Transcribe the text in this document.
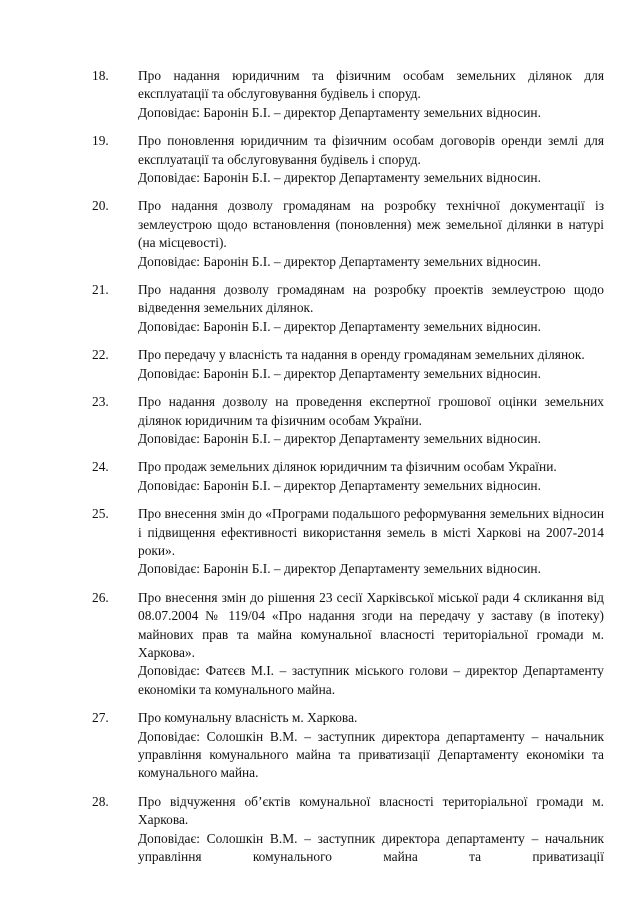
18.	Про надання юридичним та фізичним особам земельних ділянок для експлуатації та обслуговування будівель і споруд.
Доповідає: Баронін Б.І. – директор Департаменту земельних відносин.
19.	Про поновлення юридичним та фізичним особам договорів оренди землі для експлуатації та обслуговування будівель і споруд.
Доповідає: Баронін Б.І. – директор Департаменту земельних відносин.
20.	Про надання дозволу громадянам на розробку технічної документації із землеустрою щодо встановлення (поновлення) меж земельної ділянки в натурі (на місцевості).
Доповідає: Баронін Б.І. – директор Департаменту земельних відносин.
21.	Про надання дозволу громадянам на розробку проектів землеустрою щодо відведення земельних ділянок.
Доповідає: Баронін Б.І. – директор Департаменту земельних відносин.
22.	Про передачу у власність та надання в оренду громадянам земельних ділянок.
Доповідає: Баронін Б.І. – директор Департаменту земельних відносин.
23.	Про надання дозволу на проведення експертної грошової оцінки земельних ділянок юридичним та фізичним особам України.
Доповідає: Баронін Б.І. – директор Департаменту земельних відносин.
24.	Про продаж земельних ділянок юридичним та фізичним особам України.
Доповідає: Баронін Б.І. – директор Департаменту земельних відносин.
25.	Про внесення змін до «Програми подальшого реформування земельних відносин і підвищення ефективності використання земель в місті Харкові на 2007-2014 роки».
Доповідає: Баронін Б.І. – директор Департаменту земельних відносин.
26.	Про внесення змін до рішення 23 сесії Харківської міської ради 4 скликання від 08.07.2004 № 119/04 «Про надання згоди на передачу у заставу (в іпотеку) майнових прав та майна комунальної власності територіальної громади м. Харкова».
Доповідає: Фатєєв М.І. – заступник міського голови – директор Департаменту економіки та комунального майна.
27.	Про комунальну власність м. Харкова.
Доповідає: Солошкін В.М. – заступник директора департаменту – начальник управління комунального майна та приватизації Департаменту економіки та комунального майна.
28.	Про відчуження об’єктів комунальної власності територіальної громади м. Харкова.
Доповідає: Солошкін В.М. – заступник директора департаменту – начальник управління комунального майна та приватизації
